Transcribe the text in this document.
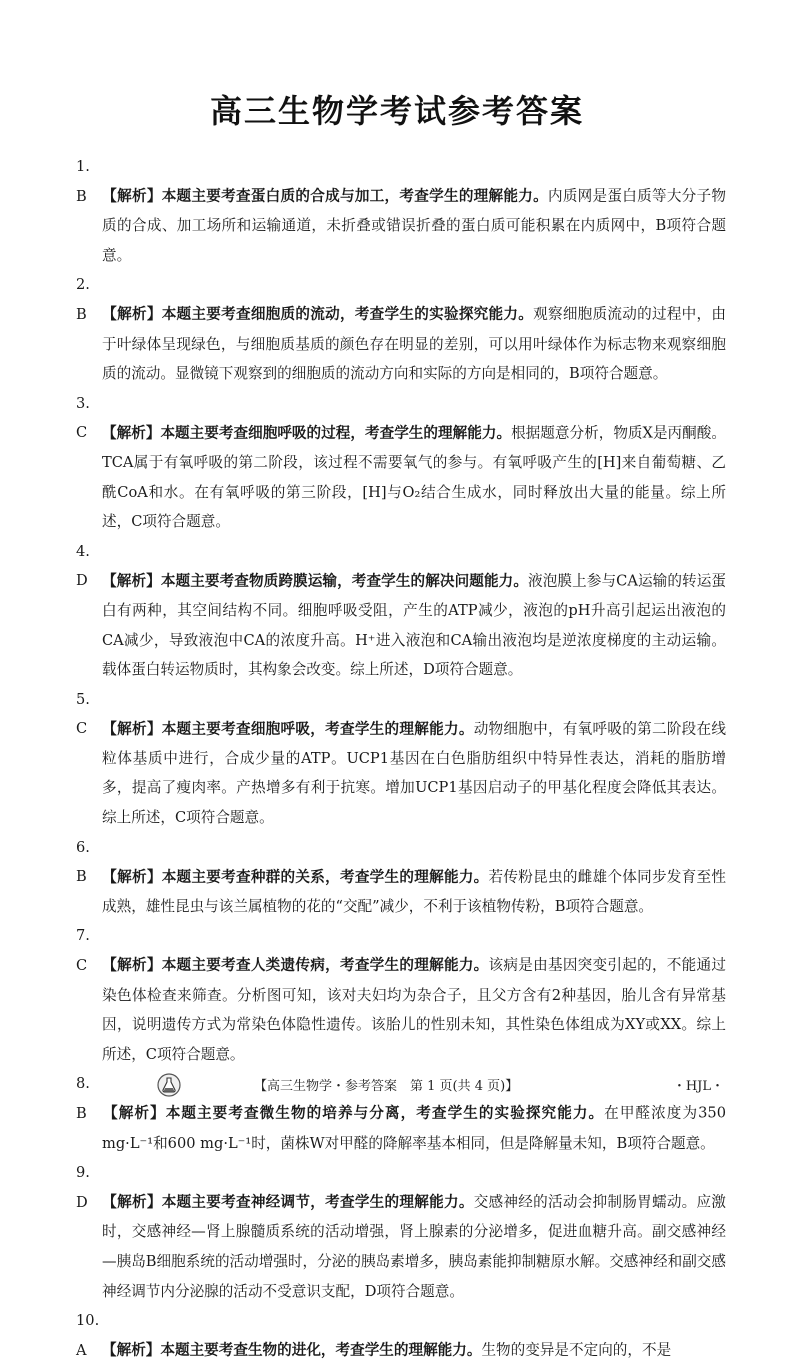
高三生物学考试参考答案

1. B 【解析】本题主要考查蛋白质的合成与加工，考查学生的理解能力。内质网是蛋白质等大分子物质的合成、加工场所和运输通道，未折叠或错误折叠的蛋白质可能积累在内质网中，B项符合题意。

2. B 【解析】本题主要考查细胞质的流动，考查学生的实验探究能力。观察细胞质流动的过程中，由于叶绿体呈现绿色，与细胞质基质的颜色存在明显的差别，可以用叶绿体作为标志物来观察细胞质的流动。显微镜下观察到的细胞质的流动方向和实际的方向是相同的，B项符合题意。

3. C 【解析】本题主要考查细胞呼吸的过程，考查学生的理解能力。根据题意分析，物质X是丙酮酸。TCA属于有氧呼吸的第二阶段，该过程不需要氧气的参与。有氧呼吸产生的[H]来自葡萄糖、乙酰CoA和水。在有氧呼吸的第三阶段，[H]与O₂结合生成水，同时释放出大量的能量。综上所述，C项符合题意。

4. D 【解析】本题主要考查物质跨膜运输，考查学生的解决问题能力。液泡膜上参与CA运输的转运蛋白有两种，其空间结构不同。细胞呼吸受阻，产生的ATP减少，液泡的pH升高引起运出液泡的CA减少，导致液泡中CA的浓度升高。H⁺进入液泡和CA输出液泡均是逆浓度梯度的主动运输。载体蛋白转运物质时，其构象会改变。综上所述，D项符合题意。

5. C 【解析】本题主要考查细胞呼吸，考查学生的理解能力。动物细胞中，有氧呼吸的第二阶段在线粒体基质中进行，合成少量的ATP。UCP1基因在白色脂肪组织中特异性表达，消耗的脂肪增多，提高了瘦肉率。产热增多有利于抗寒。增加UCP1基因启动子的甲基化程度会降低其表达。综上所述，C项符合题意。

6. B 【解析】本题主要考查种群的关系，考查学生的理解能力。若传粉昆虫的雌雄个体同步发育至性成熟，雄性昆虫与该兰属植物的花的“交配”减少，不利于该植物传粉，B项符合题意。

7. C 【解析】本题主要考查人类遗传病，考查学生的理解能力。该病是由基因突变引起的，不能通过染色体检查来筛查。分析图可知，该对夫妇均为杂合子，且父方含有2种基因，胎儿含有异常基因，说明遗传方式为常染色体隐性遗传。该胎儿的性别未知，其性染色体组成为XY或XX。综上所述，C项符合题意。

8. B 【解析】本题主要考查微生物的培养与分离，考查学生的实验探究能力。在甲醛浓度为350 mg·L⁻¹和600 mg·L⁻¹时，菌株W对甲醛的降解率基本相同，但是降解量未知，B项符合题意。

9. D 【解析】本题主要考查神经调节，考查学生的理解能力。交感神经的活动会抑制肠胃蠕动。应激时，交感神经—肾上腺髓质系统的活动增强，肾上腺素的分泌增多，促进血糖升高。副交感神经—胰岛B细胞系统的活动增强时，分泌的胰岛素增多，胰岛素能抑制糖原水解。交感神经和副交感神经调节内分泌腺的活动不受意识支配，D项符合题意。

10. A 【解析】本题主要考查生物的进化，考查学生的理解能力。生物的变异是不定向的，不是

【高三生物学・参考答案　第 1 页(共 4 页)】	・HJL・
